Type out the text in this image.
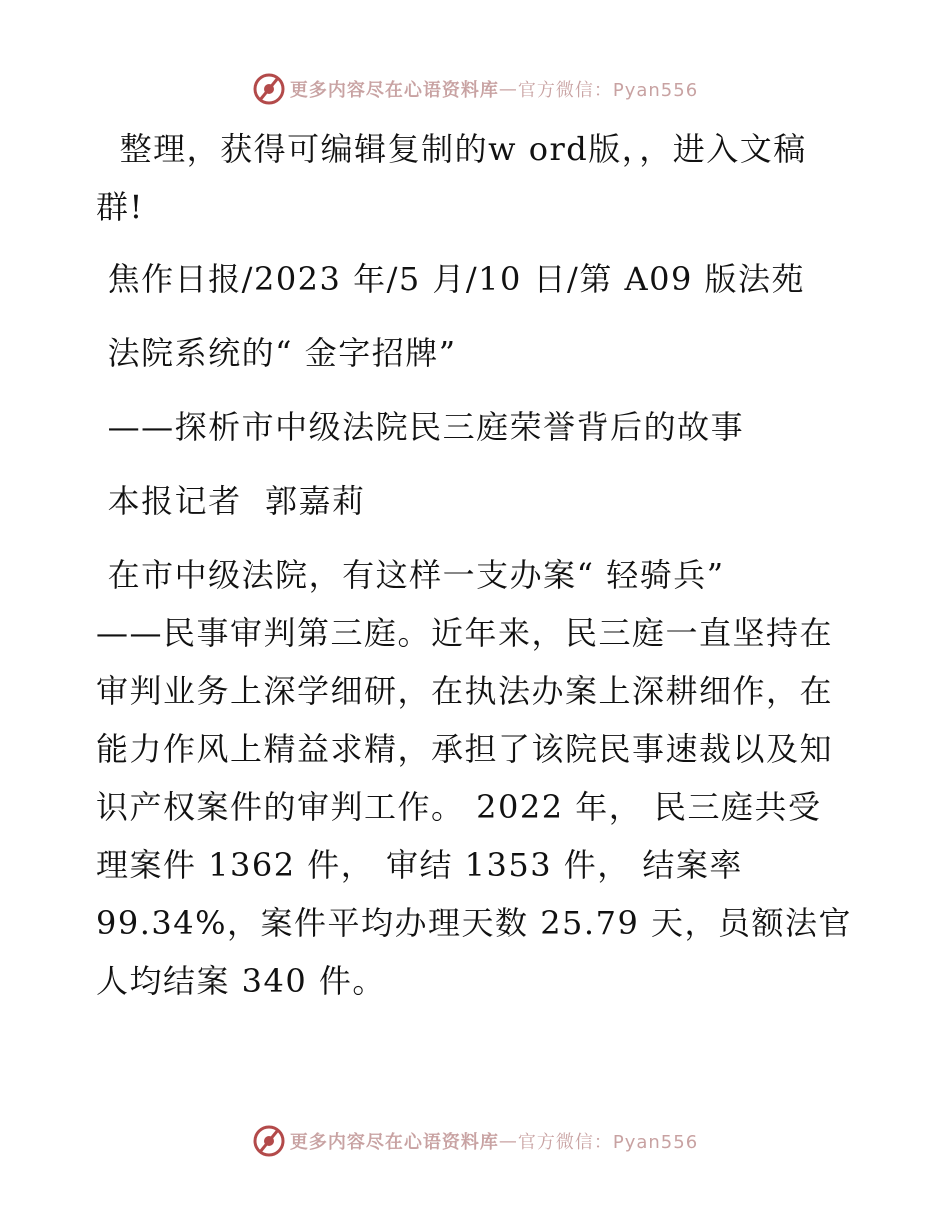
更多内容尽在心语资料库 — 官方微信：Pyan556
整理，获得可编辑复制的w ord版，，进入文稿
群!
焦作日报/2023 年/5 月/10 日/第 A09 版法苑
法院系统的“ 金字招牌”
——探析市中级法院民三庭荣誉背后的故事
本报记者  郭嘉莉
在市中级法院，有这样一支办案“ 轻骑兵”
——民事审判第三庭。近年来，民三庭一直坚持在
审判业务上深学细研，在执法办案上深耕细作，在
能力作风上精益求精，承担了该院民事速裁以及知
识产权案件的审判工作。 2022 年， 民三庭共受
理案件 1362 件， 审结 1353 件， 结案率
99.34%，案件平均办理天数 25.79 天，员额法官
人均结案 340 件。
更多内容尽在心语资料库 — 官方微信：Pyan556
